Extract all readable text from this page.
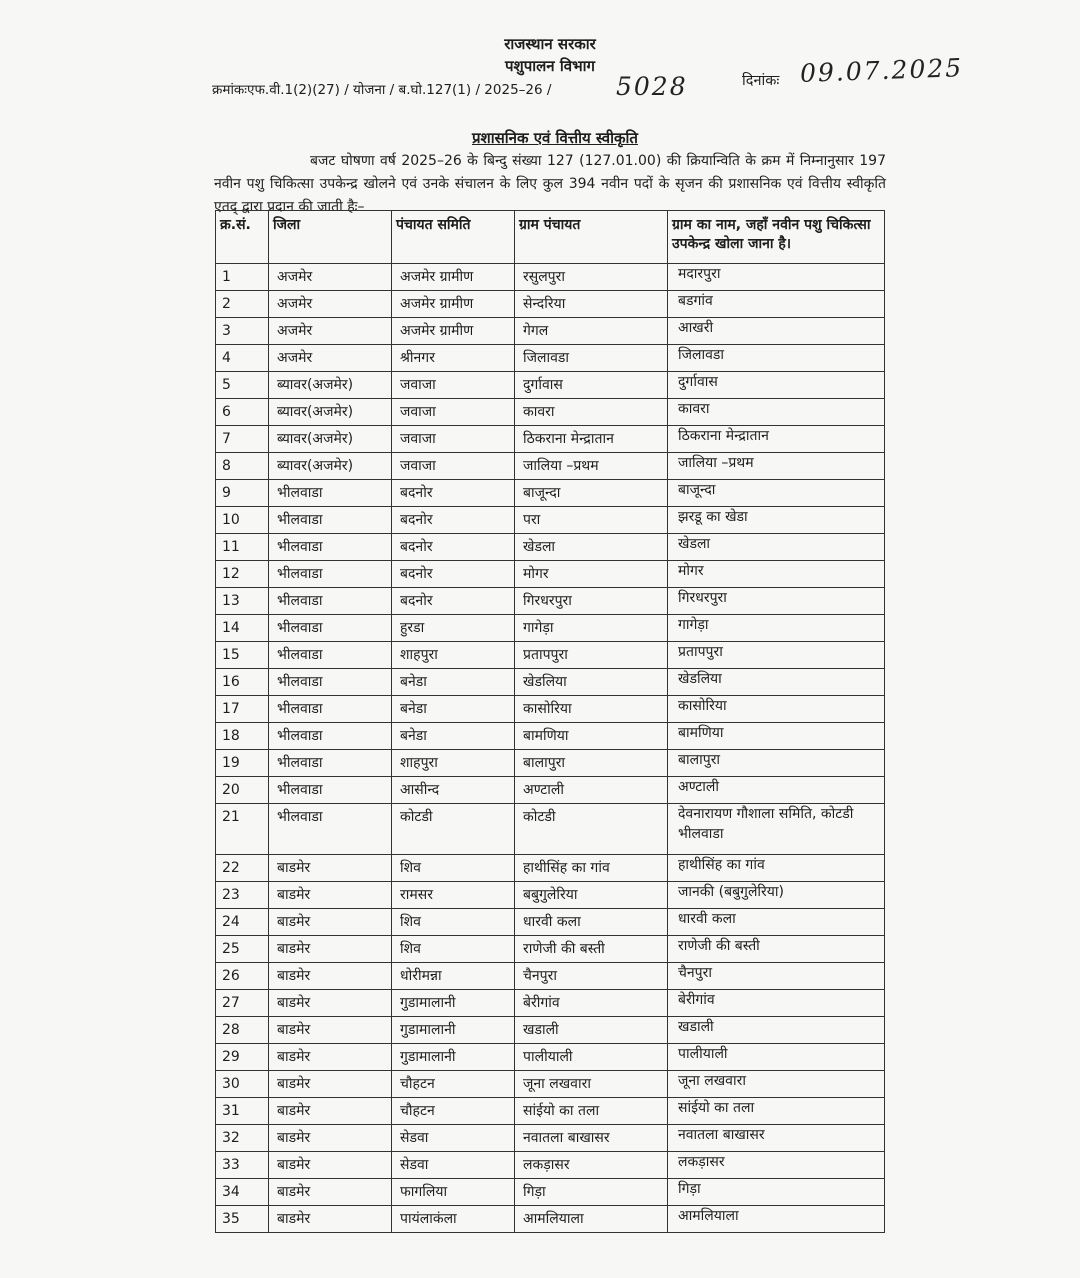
राजस्थान सरकार
पशुपालन विभाग
क्रमांकःएफ.वी.1(2)(27) / योजना / ब.घो.127(1) / 2025–26 /	5028	दिनांकः 09.07.2025
प्रशासनिक एवं वित्तीय स्वीकृति
बजट घोषणा वर्ष 2025–26 के बिन्दु संख्या 127 (127.01.00) की क्रियान्विति के क्रम में निम्नानुसार 197 नवीन पशु चिकित्सा उपकेन्द्र खोलने एवं उनके संचालन के लिए कुल 394 नवीन पदों के सृजन की प्रशासनिक एवं वित्तीय स्वीकृति एतद् द्वारा प्रदान की जाती हैः–
क्र.सं.	जिला	पंचायत समिति	ग्राम पंचायत	ग्राम का नाम, जहाँ नवीन पशु चिकित्सा उपकेन्द्र खोला जाना है।
1	अजमेर	अजमेर ग्रामीण	रसुलपुरा	मदारपुरा
2	अजमेर	अजमेर ग्रामीण	सेन्दरिया	बडगांव
3	अजमेर	अजमेर ग्रामीण	गेगल	आखरी
4	अजमेर	श्रीनगर	जिलावडा	जिलावडा
5	ब्यावर(अजमेर)	जवाजा	दुर्गावास	दुर्गावास
6	ब्यावर(अजमेर)	जवाजा	कावरा	कावरा
7	ब्यावर(अजमेर)	जवाजा	ठिकराना मेन्द्रातान	ठिकराना मेन्द्रातान
8	ब्यावर(अजमेर)	जवाजा	जालिया –प्रथम	जालिया –प्रथम
9	भीलवाडा	बदनोर	बाजून्दा	बाजून्दा
10	भीलवाडा	बदनोर	परा	झरडू का खेडा
11	भीलवाडा	बदनोर	खेडला	खेडला
12	भीलवाडा	बदनोर	मोगर	मोगर
13	भीलवाडा	बदनोर	गिरधरपुरा	गिरधरपुरा
14	भीलवाडा	हुरडा	गागेड़ा	गागेड़ा
15	भीलवाडा	शाहपुरा	प्रतापपुरा	प्रतापपुरा
16	भीलवाडा	बनेडा	खेडलिया	खेडलिया
17	भीलवाडा	बनेडा	कासोरिया	कासोरिया
18	भीलवाडा	बनेडा	बामणिया	बामणिया
19	भीलवाडा	शाहपुरा	बालापुरा	बालापुरा
20	भीलवाडा	आसीन्द	अण्टाली	अण्टाली
21	भीलवाडा	कोटडी	कोटडी	देवनारायण गौशाला समिति, कोटडी भीलवाडा
22	बाडमेर	शिव	हाथीसिंह का गांव	हाथीसिंह का गांव
23	बाडमेर	रामसर	बबुगुलेरिया	जानकी (बबुगुलेरिया)
24	बाडमेर	शिव	धारवी कला	धारवी कला
25	बाडमेर	शिव	राणेजी की बस्ती	राणेजी की बस्ती
26	बाडमेर	धोरीमन्ना	चैनपुरा	चैनपुरा
27	बाडमेर	गुडामालानी	बेरीगांव	बेरीगांव
28	बाडमेर	गुडामालानी	खडाली	खडाली
29	बाडमेर	गुडामालानी	पालीयाली	पालीयाली
30	बाडमेर	चौहटन	जूना लखवारा	जूना लखवारा
31	बाडमेर	चौहटन	सांईयो का तला	सांईयो का तला
32	बाडमेर	सेडवा	नवातला बाखासर	नवातला बाखासर
33	बाडमेर	सेडवा	लकड़ासर	लकड़ासर
34	बाडमेर	फागलिया	गिड़ा	गिड़ा
35	बाडमेर	पायंलाकंला	आमलियाला	आमलियाला
